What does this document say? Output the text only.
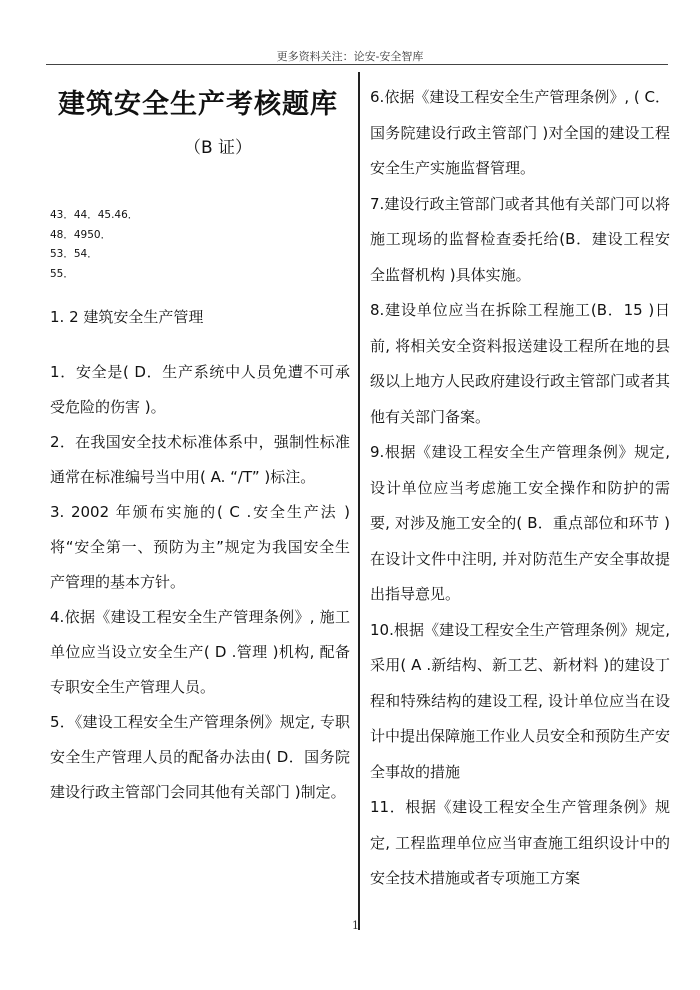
更多资料关注：论安-安全智库
建筑安全生产考核题库
（B 证）
43．44．45.46．
48．4950．
53．54．
55．
1. 2 建筑安全生产管理

1．安全是( D．生产系统中人员免遭不可承受危险的伤害 )。

2．在我国安全技术标准体系中，强制性标准通常在标准编号当中用( A. “/T” )标注。

3. 2002 年颁布实施的( C .安全生产法 )将“安全第一、预防为主”规定为我国安全生产管理的基本方针。

4.依据《建设工程安全生产管理条例》, 施工单位应当设立安全生产( D .管理 )机构, 配备专职安全生产管理人员。

5．《建设工程安全生产管理条例》规定, 专职安全生产管理人员的配备办法由( D．国务院建设行政主管部门会同其他有关部门 )制定。

6.依据《建设工程安全生产管理条例》, ( C．国务院建设行政主管部门 )对全国的建设工程安全生产实施监督管理。

7.建设行政主管部门或者其他有关部门可以将施工现场的监督检查委托给(B．建设工程安全监督机构 )具体实施。

8.建设单位应当在拆除工程施工(B．15 )日前, 将相关安全资料报送建设工程所在地的县级以上地方人民政府建设行政主管部门或者其他有关部门备案。

9.根据《建设工程安全生产管理条例》规定, 设计单位应当考虑施工安全操作和防护的需要, 对涉及施工安全的( B．重点部位和环节 )在设计文件中注明, 并对防范生产安全事故提出指导意见。

10.根据《建设工程安全生产管理条例》规定, 采用( A .新结构、新工艺、新材料 )的建设丁程和特殊结构的建设工程, 设计单位应当在设计中提出保障施工作业人员安全和预防生产安全事故的措施

11．根据《建设工程安全生产管理条例》规定, 工程监理单位应当审查施工组织设计中的安全技术措施或者专项施工方案

1
